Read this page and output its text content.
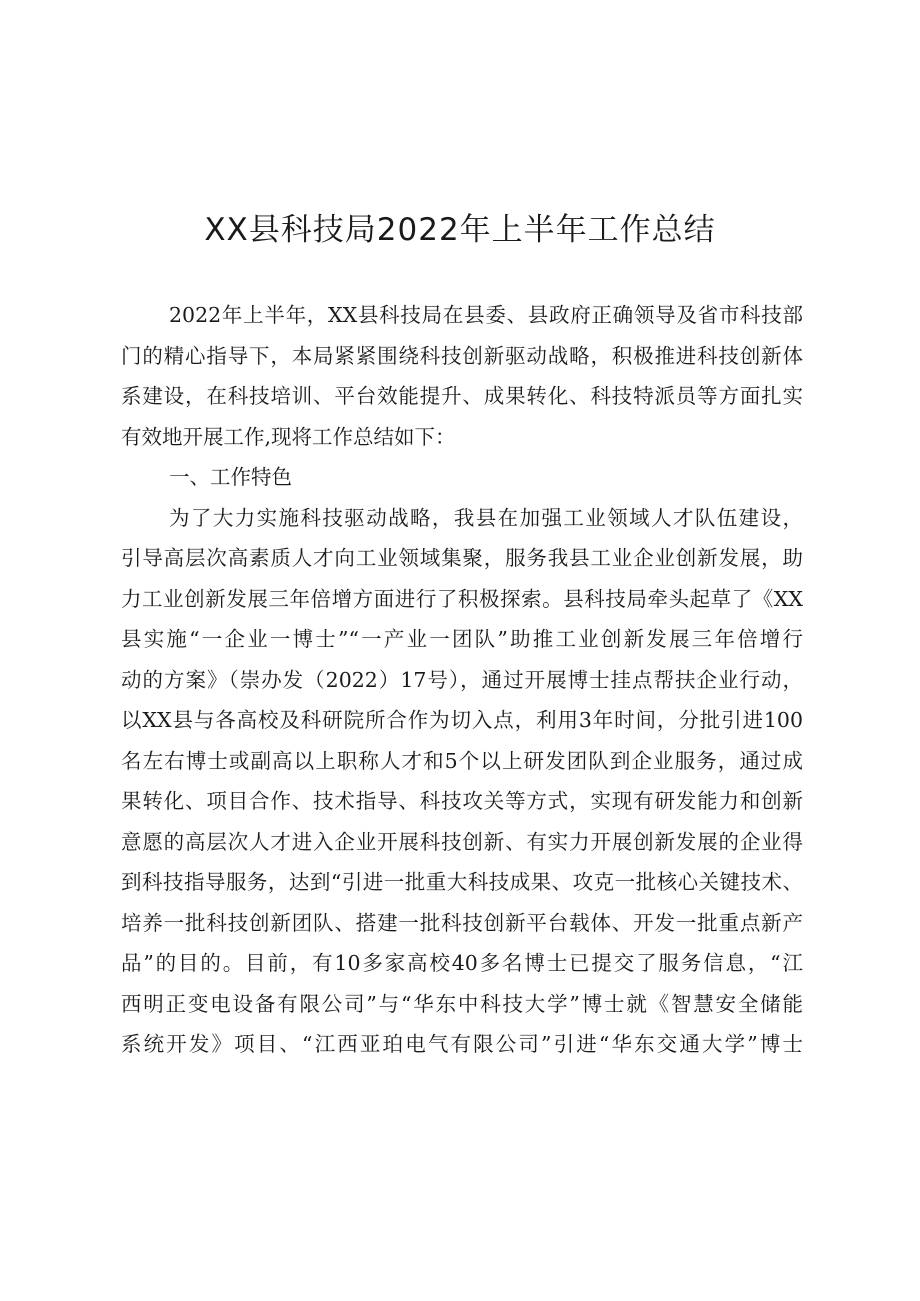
XX县科技局2022年上半年工作总结
2022年上半年，XX县科技局在县委、县政府正确领导及省市科技部
门的精心指导下，本局紧紧围绕科技创新驱动战略，积极推进科技创新体
系建设，在科技培训、平台效能提升、成果转化、科技特派员等方面扎实
有效地开展工作,现将工作总结如下：
一、工作特色
为了大力实施科技驱动战略，我县在加强工业领域人才队伍建设，
引导高层次高素质人才向工业领域集聚，服务我县工业企业创新发展，助
力工业创新发展三年倍增方面进行了积极探索。县科技局牵头起草了《XX
县实施“一企业一博士”“一产业一团队”助推工业创新发展三年倍增行
动的方案》（崇办发（2022）17号），通过开展博士挂点帮扶企业行动，
以XX县与各高校及科研院所合作为切入点，利用3年时间，分批引进100
名左右博士或副高以上职称人才和5个以上研发团队到企业服务，通过成
果转化、项目合作、技术指导、科技攻关等方式，实现有研发能力和创新
意愿的高层次人才进入企业开展科技创新、有实力开展创新发展的企业得
到科技指导服务，达到“引进一批重大科技成果、攻克一批核心关键技术、
培养一批科技创新团队、搭建一批科技创新平台载体、开发一批重点新产
品”的目的。目前，有10多家高校40多名博士已提交了服务信息，“江
西明正变电设备有限公司”与“华东中科技大学”博士就《智慧安全储能
系统开发》项目、“江西亚珀电气有限公司”引进“华东交通大学”博士
